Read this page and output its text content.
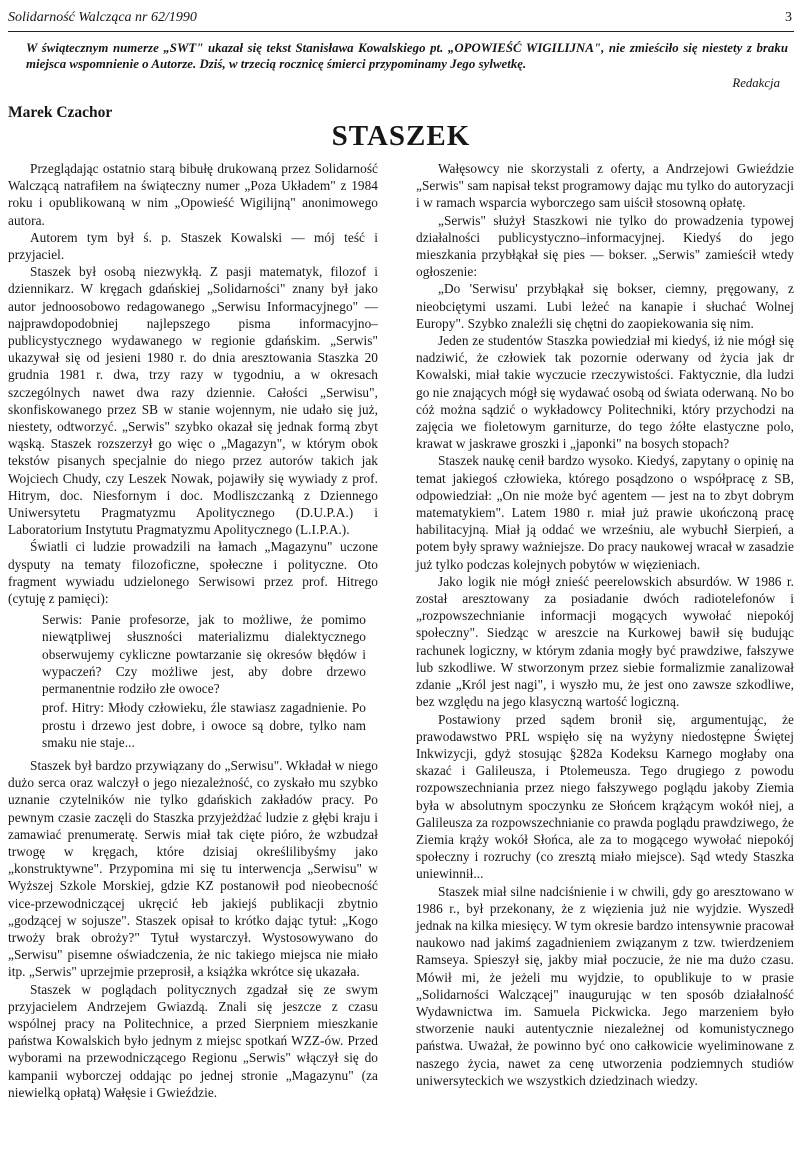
Solidarność Walcząca nr 62/1990	3

W świątecznym numerze „SWT" ukazał się tekst Stanisława Kowalskiego pt. „OPOWIEŚĆ WIGILIJNA", nie zmieściło się niestety z braku miejsca wspomnienie o Autorze. Dziś, w trzecią rocznicę śmierci przypominamy Jego sylwetkę.

Redakcja
Marek Czachor
STASZEK

Przeglądając ostatnio starą bibułę drukowaną przez Solidarność Walczącą natrafiłem na świąteczny numer „Poza Układem" z 1984 roku i opublikowaną w nim „Opowieść Wigilijną" anonimowego autora.

Autorem tym był ś. p. Staszek Kowalski — mój teść i przyjaciel.

Staszek był osobą niezwykłą. Z pasji matematyk, filozof i dziennikarz. W kręgach gdańskiej „Solidarności" znany był jako autor jednoosobowo redagowanego „Serwisu Informacyjnego" — najprawdopodobniej najlepszego pisma informacyjno–publicystycznego wydawanego w regionie gdańskim. „Serwis" ukazywał się od jesieni 1980 r. do dnia aresztowania Staszka 20 grudnia 1981 r. dwa, trzy razy w tygodniu, a w okresach szczególnych nawet dwa razy dziennie. Całości „Serwisu", skonfiskowanego przez SB w stanie wojennym, nie udało się już, niestety, odtworzyć. „Serwis" szybko okazał się jednak formą zbyt wąską. Staszek rozszerzył go więc o „Magazyn", w którym obok tekstów pisanych specjalnie do niego przez autorów takich jak Wojciech Chudy, czy Leszek Nowak, pojawiły się wywiady z prof. Hitrym, doc. Niesfornym i doc. Modliszczanką z Dziennego Uniwersytetu Pragmatyzmu Apolitycznego (D.U.P.A.) i Laboratorium Instytutu Pragmatyzmu Apolitycznego (L.I.P.A.).

Światli ci ludzie prowadzili na łamach „Magazynu" uczone dysputy na tematy filozoficzne, społeczne i polityczne. Oto fragment wywiadu udzielonego Serwisowi przez prof. Hitrego (cytuję z pamięci):

Serwis: Panie profesorze, jak to możliwe, że pomimo niewątpliwej słuszności materializmu dialektycznego obserwujemy cykliczne powtarzanie się okresów błędów i wypaczeń? Czy możliwe jest, aby dobre drzewo permanentnie rodziło złe owoce?

prof. Hitry: Młody człowieku, źle stawiasz zagadnienie. Po prostu i drzewo jest dobre, i owoce są dobre, tylko nam smaku nie staje...

Staszek był bardzo przywiązany do „Serwisu". Wkładał w niego dużo serca oraz walczył o jego niezależność, co zyskało mu szybko uznanie czytelników nie tylko gdańskich zakładów pracy. Po pewnym czasie zaczęli do Staszka przyjeżdżać ludzie z głębi kraju i zamawiać prenumeratę. Serwis miał tak cięte pióro, że wzbudzał trwogę w kręgach, które dzisiaj określilibyśmy jako „konstruktywne". Przypomina mi się tu interwencja „Serwisu" w Wyższej Szkole Morskiej, gdzie KZ postanowił pod nieobecność vice-przewodniczącej ukręcić łeb jakiejś publikacji zbytnio „godzącej w sojusze". Staszek opisał to krótko dając tytuł: „Kogo trwoży brak obroży?" Tytuł wystarczył. Wystosowywano do „Serwisu" pisemne oświadczenia, że nic takiego miejsca nie miało itp. „Serwis" uprzejmie przeprosił, a książka wkrótce się ukazała.

Staszek w poglądach politycznych zgadzał się ze swym przyjacielem Andrzejem Gwiazdą. Znali się jeszcze z czasu wspólnej pracy na Politechnice, a przed Sierpniem mieszkanie państwa Kowalskich było jednym z miejsc spotkań WZZ-ów. Przed wyborami na przewodniczącego Regionu „Serwis" włączył się do kampanii wyborczej oddając po jednej stronie „Magazynu" (za niewielką opłatą) Wałęsie i Gwieździe.

Wałęsowcy nie skorzystali z oferty, a Andrzejowi Gwieździe „Serwis" sam napisał tekst programowy dając mu tylko do autoryzacji i w ramach wsparcia wyborczego sam uiścił stosowną opłatę.

„Serwis" służył Staszkowi nie tylko do prowadzenia typowej działalności publicystyczno–informacyjnej. Kiedyś do jego mieszkania przybłąkał się pies — bokser. „Serwis" zamieścił wtedy ogłoszenie:

„Do 'Serwisu' przybłąkał się bokser, ciemny, pręgowany, z nieobciętymi uszami. Lubi leżeć na kanapie i słuchać Wolnej Europy". Szybko znaleźli się chętni do zaopiekowania się nim.

Jeden ze studentów Staszka powiedział mi kiedyś, iż nie mógł się nadziwić, że człowiek tak pozornie oderwany od życia jak dr Kowalski, miał takie wyczucie rzeczywistości. Faktycznie, dla ludzi go nie znających mógł się wydawać osobą od świata oderwaną. No bo cóż można sądzić o wykładowcy Politechniki, który przychodzi na zajęcia we fioletowym garniturze, do tego żółte elastyczne polo, krawat w jaskrawe groszki i „japonki" na bosych stopach?

Staszek naukę cenił bardzo wysoko. Kiedyś, zapytany o opinię na temat jakiegoś człowieka, którego posądzono o współpracę z SB, odpowiedział: „On nie może być agentem — jest na to zbyt dobrym matematykiem". Latem 1980 r. miał już prawie ukończoną pracę habilitacyjną. Miał ją oddać we wrześniu, ale wybuchł Sierpień, a potem były sprawy ważniejsze. Do pracy naukowej wracał w zasadzie już tylko podczas kolejnych pobytów w więzieniach.

Jako logik nie mógł znieść peerelowskich absurdów. W 1986 r. został aresztowany za posiadanie dwóch radiotelefonów i „rozpowszechnianie informacji mogących wywołać niepokój społeczny". Siedząc w areszcie na Kurkowej bawił się budując rachunek logiczny, w którym zdania mogły być prawdziwe, fałszywe lub szkodliwe. W stworzonym przez siebie formalizmie zanalizował zdanie „Król jest nagi", i wyszło mu, że jest ono zawsze szkodliwe, bez względu na jego klasyczną wartość logiczną.

Postawiony przed sądem bronił się, argumentując, że prawodawstwo PRL wspięło się na wyżyny niedostępne Świętej Inkwizycji, gdyż stosując §282a Kodeksu Karnego mogłaby ona skazać i Galileusza, i Ptolemeusza. Tego drugiego z powodu rozpowszechniania przez niego fałszywego poglądu jakoby Ziemia była w absolutnym spoczynku ze Słońcem krążącym wokół niej, a Galileusza za rozpowszechnianie co prawda poglądu prawdziwego, że Ziemia krąży wokół Słońca, ale za to mogącego wywołać niepokój społeczny i rozruchy (co zresztą miało miejsce). Sąd wtedy Staszka uniewinnił...

Staszek miał silne nadciśnienie i w chwili, gdy go aresztowano w 1986 r., był przekonany, że z więzienia już nie wyjdzie. Wyszedł jednak na kilka miesięcy. W tym okresie bardzo intensywnie pracował naukowo nad jakimś zagadnieniem związanym z tzw. twierdzeniem Ramseya. Spieszył się, jakby miał poczucie, że nie ma dużo czasu. Mówił mi, że jeżeli mu wyjdzie, to opublikuje to w prasie „Solidarności Walczącej" inaugurując w ten sposób działalność Wydawnictwa im. Samuela Pickwicka. Jego marzeniem było stworzenie nauki autentycznie niezależnej od komunistycznego państwa. Uważał, że powinno być ono całkowicie wyeliminowane z naszego życia, nawet za cenę utworzenia podziemnych studiów uniwersyteckich we wszystkich dziedzinach wiedzy.
